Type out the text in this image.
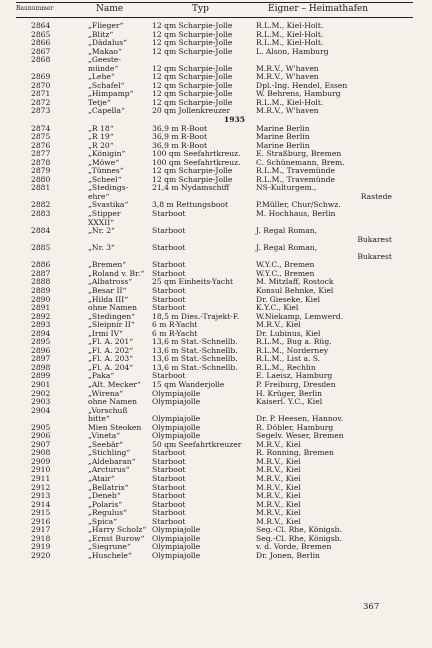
Baunummer	Name	Typ	Eigner – Heimathafen
2864	„Flieger“	12 qm Scharpie-Jolle	R.L.M., Kiel-Holt.
2865	„Blitz“	12 qm Scharpie-Jolle	R.L.M., Kiel-Holt.
2866	„Dädalus“	12 qm Scharpie-Jolle	R.L.M., Kiel-Holt.
2867	„Makao“	12 qm Scharpie-Jolle	L. Alson, Hamburg
2868	„Geeste-
münde“	12 qm Scharpie-Jolle	M.R.V., W'haven
2869	„Lehe“	12 qm Scharpie-Jolle	M.R.V., W'haven
2870	„Schafel“	12 qm Scharpie-Jolle	Dpl.-Ing. Hendel, Essen
2871	„Himpamp“ 12 qm Scharpie-Jolle	W. Behrens, Hamburg
2872	Tetje“	12 qm Scharpie-Jolle	R.L.M., Kiel-Holt.
2873	„Capella“	20 qm Jollenkreuzer	M.R.V., W'haven
1935
2874	„R 18“	36,9 m R-Boot	Marine Berlin
2875	„R 19“	36,9 m R-Boot	Marine Berlin
2876	„R 20“	36,9 m R-Boot	Marine Berlin
2877	„Königin“	100 qm Seefahrtkreuz. E. Straßburg, Bremen
2878	„Möwe“	100 qm Seefahrtkreuz. C. Schünemann, Brem.
2879	„Tünnes“	12 qm Scharpie-Jolle	R.L.M., Travemünde
2880	„Scheel“	12 qm Scharpie-Jolle	R.L.M., Travemünde
2881	„Stedings-	21,4 m Nydamschiff	NS-Kulturgem.,
ehre“	Rastede
2882	„Svastika“	3,8 m Rettungsboot	P.Müller, Chur/Schwz.
2883	„Stipper	Starboot	M. Hochhaus, Berlin
XXXII“
2884	„Nr. 2“	Starboot	J. Regal Roman,
Bukarest
2885	„Nr. 3“	Starboot	J. Regal Roman,
Bukarest
2886	„Bremen“	Starboot	W.Y.C., Bremen
2887	„Roland v. Br.“ Starboot	W.Y.C., Bremen
2888	„Albatross“	25 qm Einheits-Yacht	M. Mitzlaff, Rostock
2889	„Besar II“	Starboot	Konsul Behnke, Kiel
2890	„Hilda III“	Starboot	Dr. Gieseke, Kiel
2891	ohne Namen Starboot	K.Y.C., Kiel
2892	„Stedingen“ 18,5 m Dies.-Trajekt-F. W.Niekamp, Lemwerd.
2893	„Sleipnir II“ 6 m R-Yacht	M.R.V., Kiel
2894	„Irmi IV“	6 m R-Yacht	Dr. Lubinus, Kiel
2895	„Fl. A. 201“ 13,6 m Stat.-Schnellb. R.L.M., Bug a. Rüg.
2896	„Fl. A. 202“ 13,6 m Stat.-Schnellb. R.L.M., Norderney
2897	„Fl. A. 203“ 13,6 m Stat.-Schnellb. R.L.M., List a. S.
2898	„Fl. A. 204“ 13,6 m Stat.-Schnellb. R.L.M., Rechlin
2899	„Paka“	Starboot	E. Laeisz, Hamburg
2901	„Alt. Mecker“ 15 qm Wanderjolle	P. Freiburg, Dresden
2902	„Wirena“	Olympiajolle	H. Krüger, Berlin
2903	ohne Namen Olympiajolle	Kaiserl. Y.C., Kiel
2904	„Vorschuß
bitte“	Olympiajolle	Dr. P. Heesen, Hannov.
2905	Mien Steoken Olympiajolle	R. Döbler, Hamburg
2906	„Vineta“	Olympiajolle	Segelv. Weser, Bremen
2907	„Seebär“	50 qm Seefahrtkreuzer M.R.V., Kiel
2908	„Stichling“	Starboot	R. Ronning, Bremen
2909	„Aldebaran“ Starboot	M.R.V., Kiel
2910	„Arcturus“	Starboot	M.R.V., Kiel
2911	„Atair“	Starboot	M.R.V., Kiel
2912	„Bellatrix“	Starboot	M.R.V., Kiel
2913	„Deneb“	Starboot	M.R.V., Kiel
2914	„Polaris“	Starboot	M.R.V., Kiel
2915	„Regulus“	Starboot	M.R.V., Kiel
2916	„Spica“	Starboot	M.R.V., Kiel
2917	„Harry Scholz“ Olympiajolle	Seg.-Cl. Rhe, Königsb.
2918	„Ernst Burow“ Olympiajolle	Seg.-Cl. Rhe, Königsb.
2919	„Siegrune“	Olympiajolle	v. d. Vorde, Bremen
2920	„Huschele“	Olympiajolle	Dr. Jonen, Berlin
367
